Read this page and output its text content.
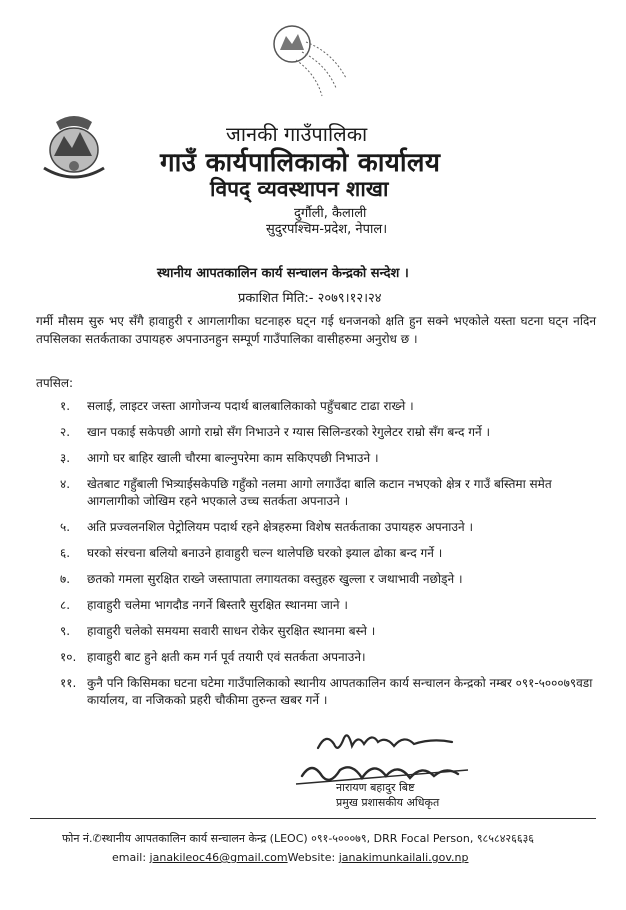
जानकी गाउँपालिका
गाउँ कार्यपालिकाको कार्यालय
विपद् व्यवस्थापन शाखा
दुर्गौली, कैलाली
सुदुरपश्चिम-प्रदेश, नेपाल।
स्थानीय आपतकालिन कार्य सन्चालन केन्द्रको सन्देश ।
प्रकाशित मिति:- २०७९।१२।२४
गर्मी मौसम सुरु भए सँगै हावाहुरी र आगलागीका घटनाहरु घट्न गई धनजनको क्षति हुन सक्ने भएकोले यस्ता घटना घट्न नदिन तपसिलका सतर्कताका उपायहरु अपनाउनहुन सम्पूर्ण गाउँपालिका वासीहरुमा अनुरोध छ ।
तपसिल:
१.	सलाई, लाइटर जस्ता आगोजन्य पदार्थ बालबालिकाको पहुँचबाट टाढा राख्ने ।
२.	खान पकाई सकेपछी आगो राम्रो सँग निभाउने र ग्यास सिलिन्डरको रेगुलेटर राम्रो सँग बन्द गर्ने ।
३.	आगो घर बाहिर खाली चौरमा बाल्नुपरेमा काम सकिएपछी निभाउने ।
४.	खेतबाट गहुँबाली भित्र्याईसकेपछि गहुँको नलमा आगो लगाउँदा बालि कटान नभएको क्षेत्र र गाउँ बस्तिमा समेत आगलागीको जोखिम रहने भएकाले उच्च सतर्कता अपनाउने ।
५.	अति प्रज्वलनशिल पेट्रोलियम पदार्थ रहने क्षेत्रहरुमा विशेष सतर्कताका उपायहरु अपनाउने ।
६.	घरको संरचना बलियो बनाउने हावाहुरी चल्न थालेपछि घरको झ्याल ढोका बन्द गर्ने ।
७.	छतको गमला सुरक्षित राख्ने जस्तापाता लगायतका वस्तुहरु खुल्ला र जथाभावी नछोड्ने ।
८.	हावाहुरी चलेमा भागदौड नगर्ने बिस्तारै सुरक्षित स्थानमा जाने ।
९.	हावाहुरी चलेको समयमा सवारी साधन रोकेर सुरक्षित स्थानमा बस्ने ।
१०. हावाहुरी बाट हुने क्षती कम गर्न पूर्व तयारी एवं सतर्कता अपनाउने।
११. कुनै पनि किसिमका घटना घटेमा गाउँपालिकाको स्थानीय आपतकालिन कार्य सन्चालन केन्द्रको नम्बर ०९१-५०००७९वडा कार्यालय, वा नजिकको प्रहरी चौकीमा तुरुन्त खबर गर्ने ।
नारायण बहादुर बिष्ट
प्रमुख प्रशासकीय अधिकृत
फोन नं.✆स्थानीय आपतकालिन कार्य सन्चालन केन्द्र (LEOC) ०९१-५०००७९, DRR Focal Person, ९८५८४२६६३६
email: janakileoc46@gmail.comWebsite: janakimunkailali.gov.np
